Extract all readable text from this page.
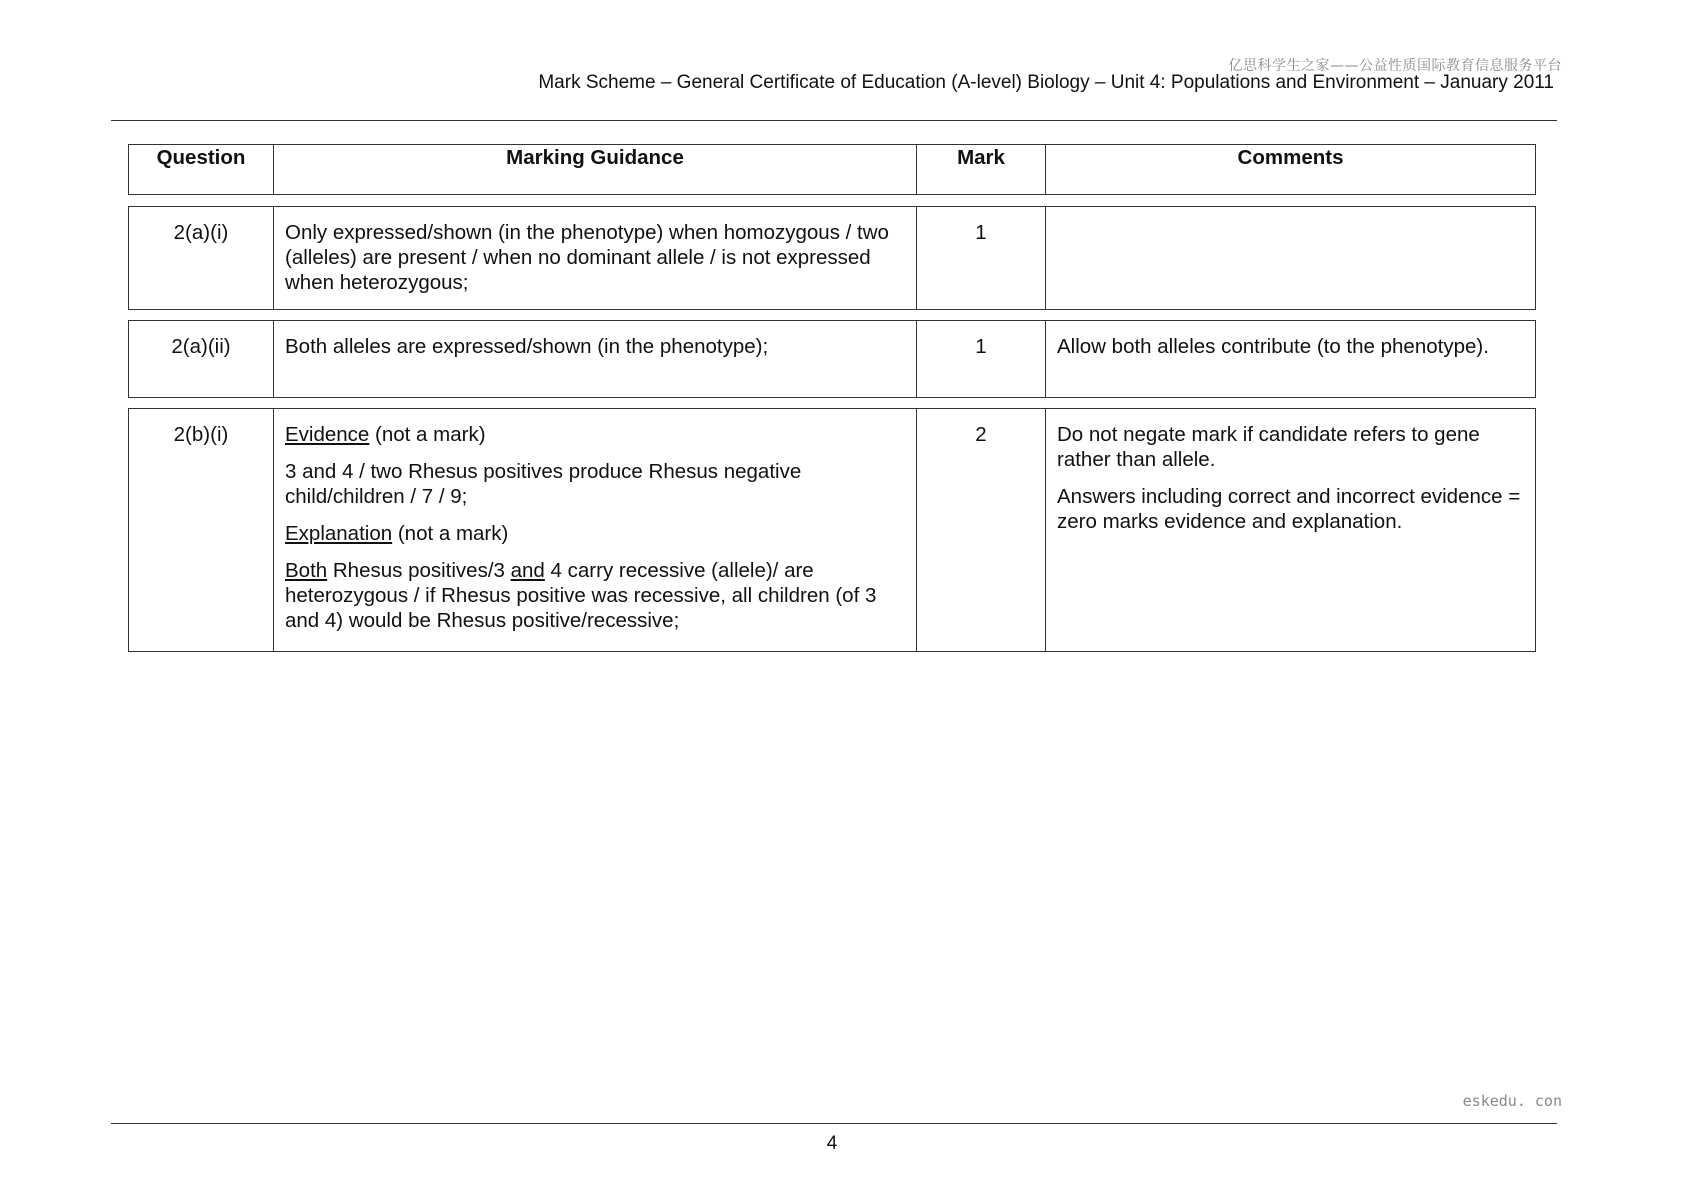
亿思科学生之家——公益性质国际教育信息服务平台
Mark Scheme – General Certificate of Education (A-level) Biology – Unit 4: Populations and Environment – January 2011
Question	Marking Guidance	Mark	Comments
2(a)(i)	Only expressed/shown (in the phenotype) when homozygous / two (alleles) are present / when no dominant allele / is not expressed when heterozygous;	1	
2(a)(ii)	Both alleles are expressed/shown (in the phenotype);	1	Allow both alleles contribute (to the phenotype).
2(b)(i)	Evidence (not a mark)

3 and 4 / two Rhesus positives produce Rhesus negative child/children / 7 / 9;

Explanation (not a mark)

Both Rhesus positives/3 and 4 carry recessive (allele)/ are heterozygous / if Rhesus positive was recessive, all children (of 3 and 4) would be Rhesus positive/recessive;

	2	Do not negate mark if candidate refers to gene rather than allele.

Answers including correct and incorrect evidence = zero marks evidence and explanation.

eskedu. con
4
